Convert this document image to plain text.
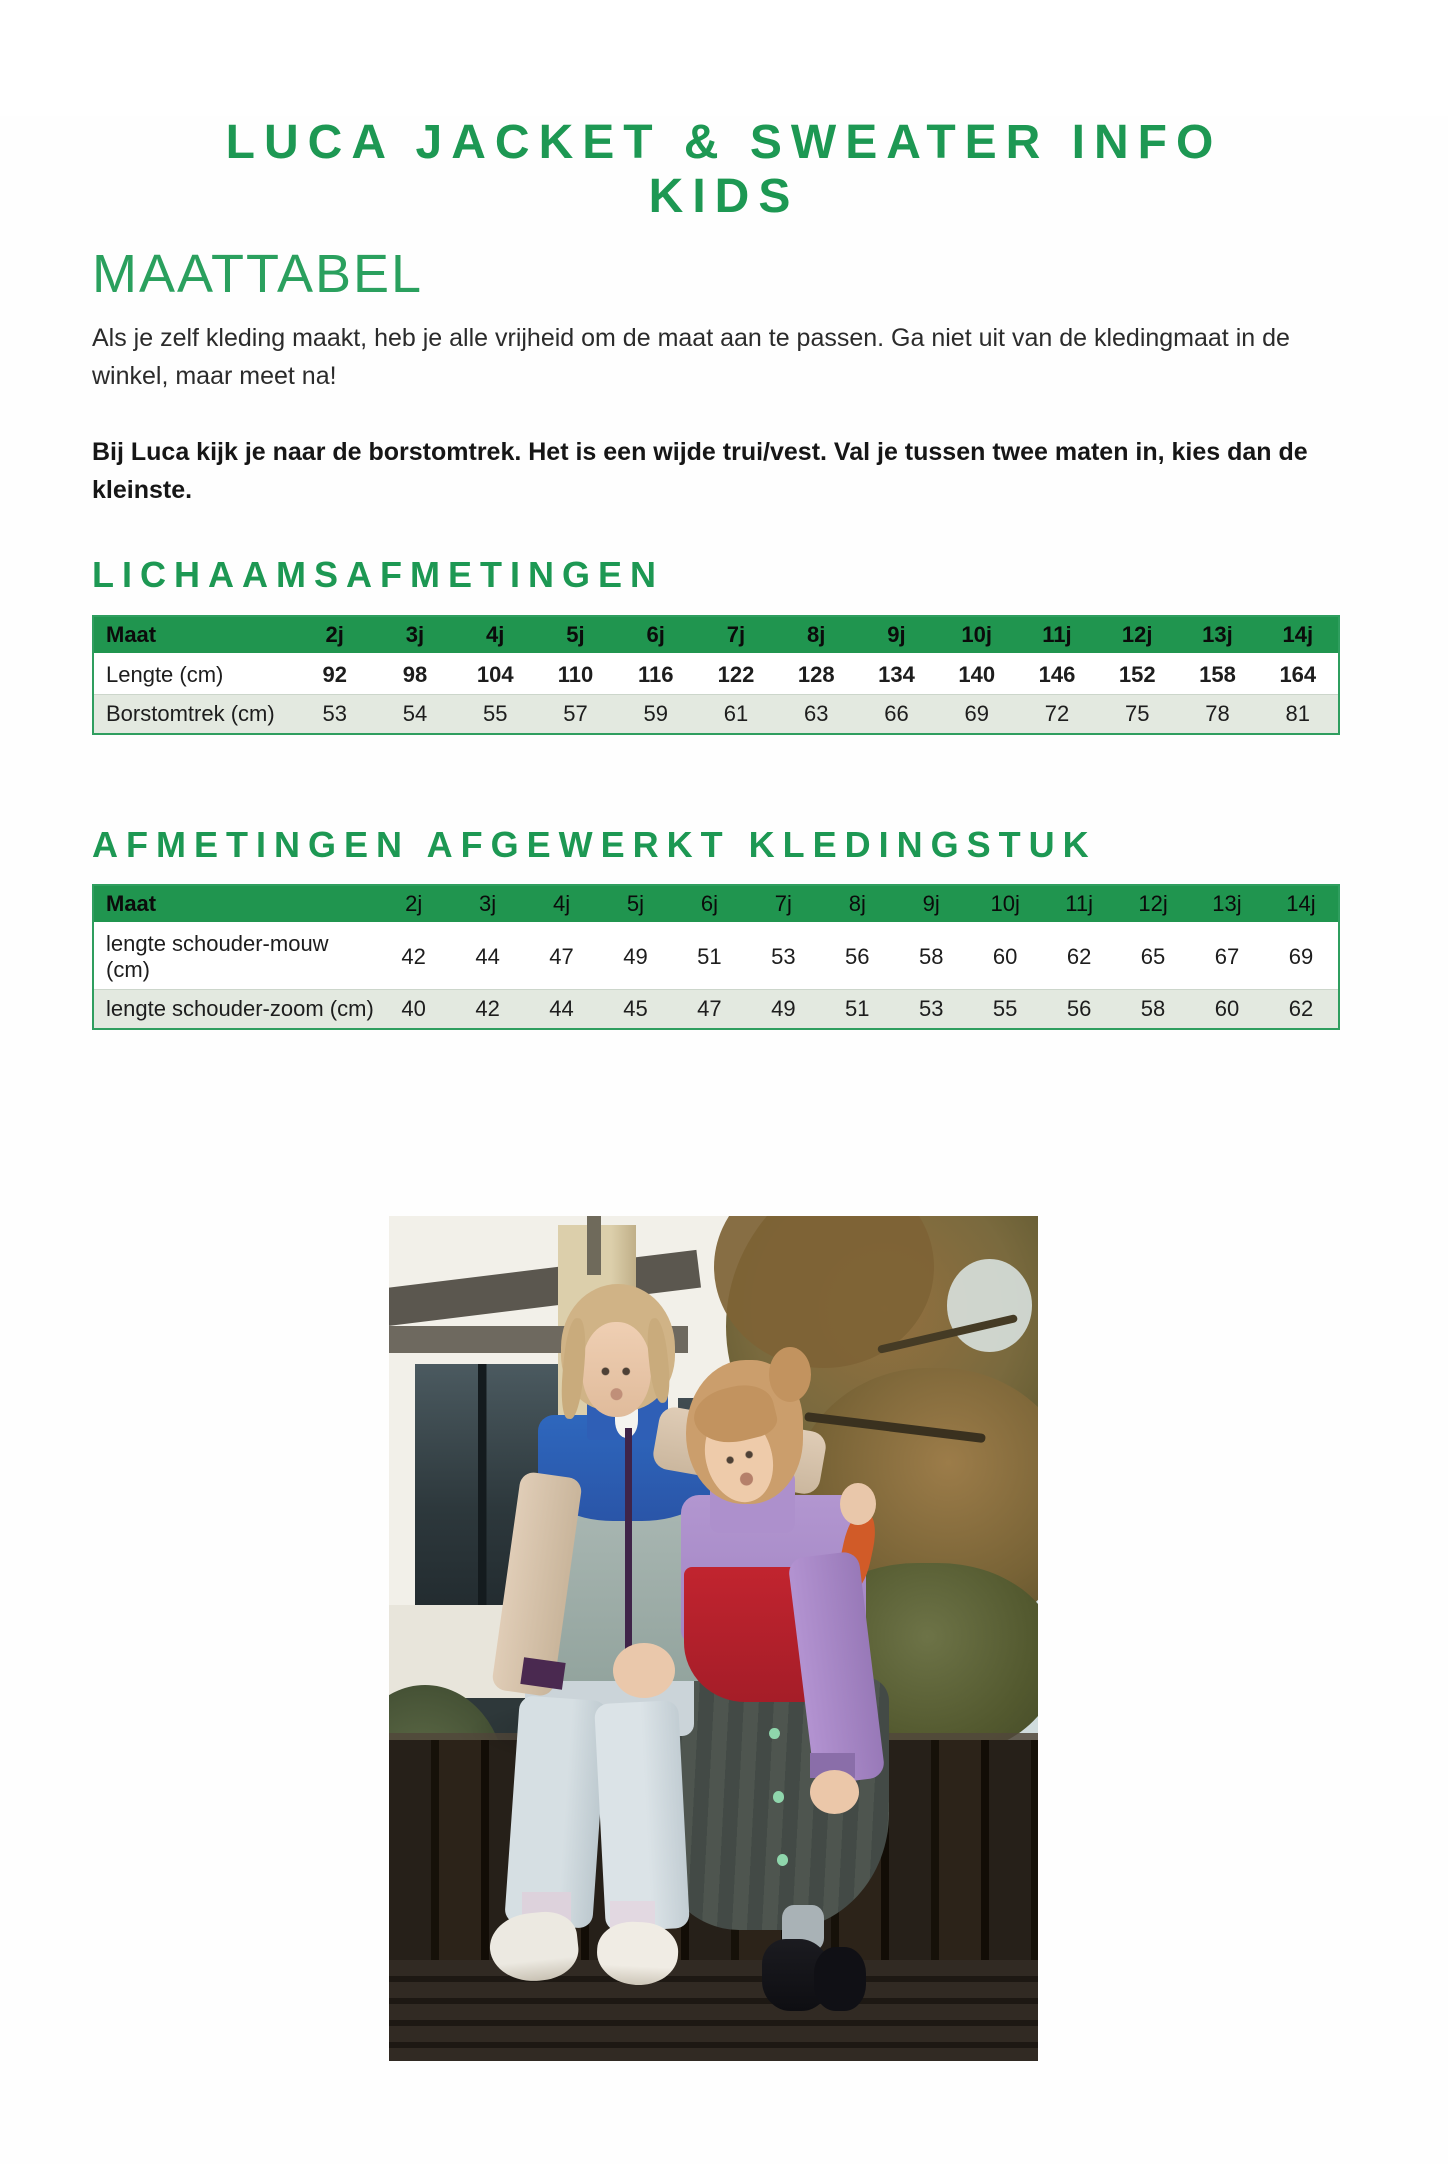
LUCA JACKET & SWEATER INFO
KIDS
MAATTABEL

Als je zelf kleding maakt, heb je alle vrijheid om de maat aan te passen. Ga niet uit van de kledingmaat in de winkel, maar meet na!

Bij Luca kijk je naar de borstomtrek. Het is een wijde trui/vest. Val je tussen twee maten in, kies dan de kleinste.

LICHAAMSAFMETINGEN
Maat	2j	3j	4j	5j	6j	7j	8j	9j	10j	11j	12j	13j	14j
Lengte (cm)	92	98	104	110	116	122	128	134	140	146	152	158	164
Borstomtrek (cm)	53	54	55	57	59	61	63	66	69	72	75	78	81
AFMETINGEN AFGEWERKT KLEDINGSTUK
Maat	2j	3j	4j	5j	6j	7j	8j	9j	10j	11j	12j	13j	14j
lengte schouder-mouw (cm)	42	44	47	49	51	53	56	58	60	62	65	67	69
lengte schouder-zoom (cm)	40	42	44	45	47	49	51	53	55	56	58	60	62
